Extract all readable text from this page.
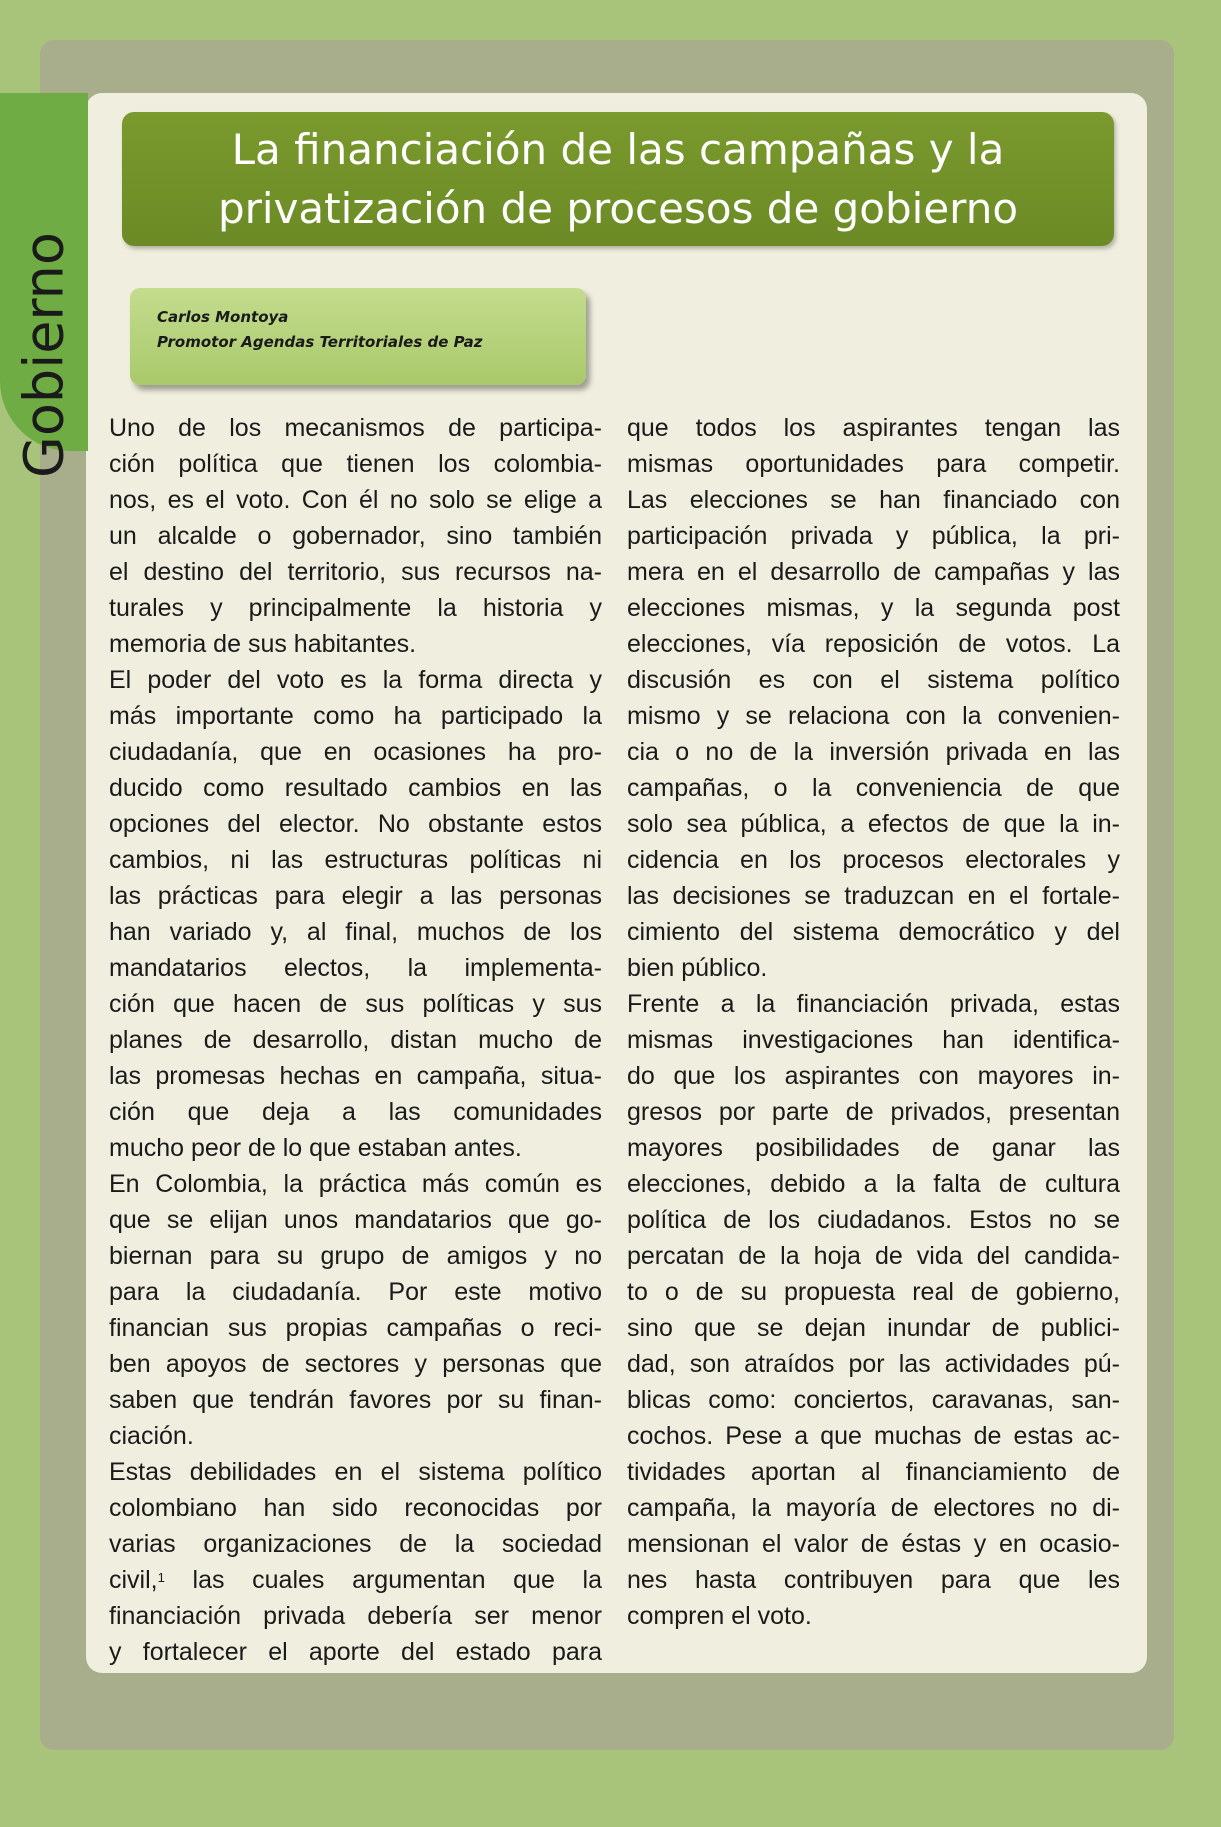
Gobierno
La financiación de las campañas y la
privatización de procesos de gobierno
Carlos Montoya
Promotor Agendas Territoriales de Paz
Uno de los mecanismos de participa-
ción política que tienen los colombia-
nos, es el voto. Con él no solo se elige a
un alcalde o gobernador, sino también
el destino del territorio, sus recursos na-
turales y principalmente la historia y
memoria de sus habitantes.
El poder del voto es la forma directa y
más importante como ha participado la
ciudadanía, que en ocasiones ha pro-
ducido como resultado cambios en las
opciones del elector. No obstante estos
cambios, ni las estructuras políticas ni
las prácticas para elegir a las personas
han variado y, al final, muchos de los
mandatarios electos, la implementa-
ción que hacen de sus políticas y sus
planes de desarrollo, distan mucho de
las promesas hechas en campaña, situa-
ción que deja a las comunidades
mucho peor de lo que estaban antes.
En Colombia, la práctica más común es
que se elijan unos mandatarios que go-
biernan para su grupo de amigos y no
para la ciudadanía. Por este motivo
financian sus propias campañas o reci-
ben apoyos de sectores y personas que
saben que tendrán favores por su finan-
ciación.
Estas debilidades en el sistema político
colombiano han sido reconocidas por
varias organizaciones de la sociedad
civil,$^1$ las cuales argumentan que la
financiación privada debería ser menor
y fortalecer el aporte del estado para
que todos los aspirantes tengan las
mismas oportunidades para competir.
Las elecciones se han financiado con
participación privada y pública, la pri-
mera en el desarrollo de campañas y las
elecciones mismas, y la segunda post
elecciones, vía reposición de votos. La
discusión es con el sistema político
mismo y se relaciona con la convenien-
cia o no de la inversión privada en las
campañas, o la conveniencia de que
solo sea pública, a efectos de que la in-
cidencia en los procesos electorales y
las decisiones se traduzcan en el fortale-
cimiento del sistema democrático y del
bien público.
Frente a la financiación privada, estas
mismas investigaciones han identifica-
do que los aspirantes con mayores in-
gresos por parte de privados, presentan
mayores posibilidades de ganar las
elecciones, debido a la falta de cultura
política de los ciudadanos. Estos no se
percatan de la hoja de vida del candida-
to o de su propuesta real de gobierno,
sino que se dejan inundar de publici-
dad, son atraídos por las actividades pú-
blicas como: conciertos, caravanas, san-
cochos. Pese a que muchas de estas ac-
tividades aportan al financiamiento de
campaña, la mayoría de electores no di-
mensionan el valor de éstas y en ocasio-
nes hasta contribuyen para que les
compren el voto.
